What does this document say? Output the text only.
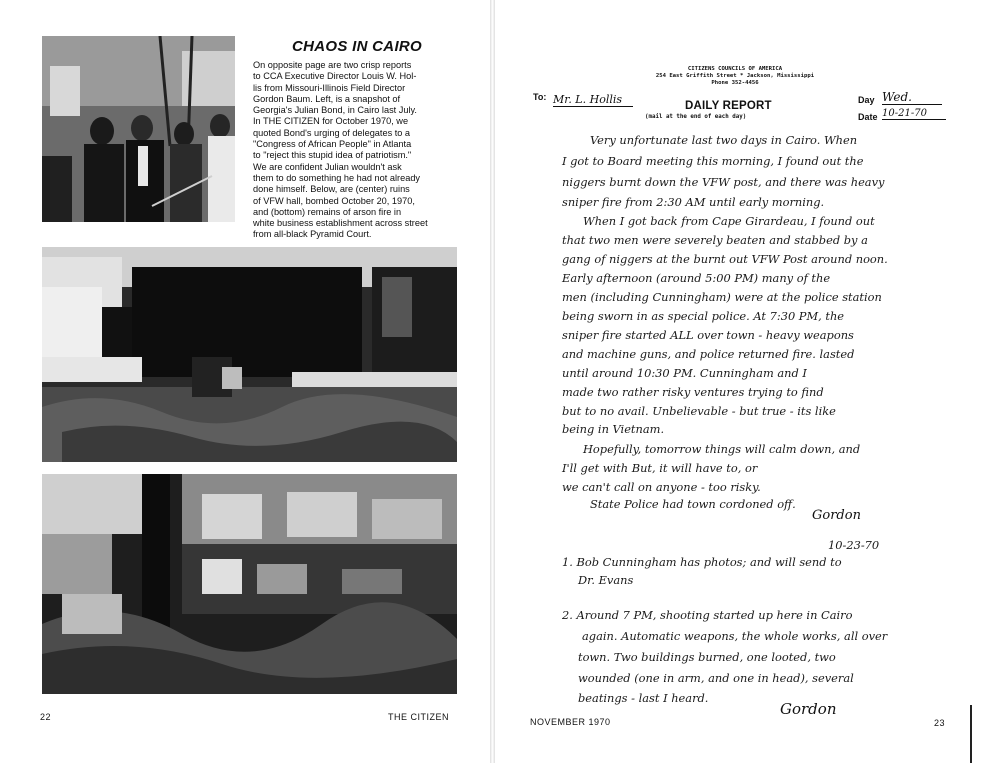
CHAOS IN CAIRO
On opposite page are two crisp reports
to CCA Executive Director Louis W. Hol-
lis from Missouri-Illinois Field Director
Gordon Baum. Left, is a snapshot of
Georgia's Julian Bond, in Cairo last July.
In THE CITIZEN for October 1970, we
quoted Bond's urging of delegates to a
"Congress of African People" in Atlanta
to "reject this stupid idea of patriotism."
We are confident Julian wouldn't ask
them to do something he had not already
done himself. Below, are (center) ruins
of VFW hall, bombed October 20, 1970,
and (bottom) remains of arson fire in
white business establishment across street
from all-black Pyramid Court.
22	THE CITIZEN
CITIZENS COUNCILS OF AMERICA
254 East Griffith Street * Jackson, Mississippi
Phone 352-4456
To: Mr. L. Hollis	DAILY REPORT
(mail at the end of each day)
Day Wed.
Date 10-21-70
Very unfortunate last two days in Cairo. When
I got to Board meeting this morning, I found out the
niggers burnt down the VFW post, and there was heavy
sniper fire from 2:30 AM until early morning.
When I got back from Cape Girardeau, I found out
that two men were severely beaten and stabbed by a
gang of niggers at the burnt out VFW Post around noon.
Early afternoon (around 5:00 PM) many of the
men (including Cunningham) were at the police station
being sworn in as special police. At 7:30 PM, the
sniper fire started ALL over town - heavy weapons
and machine guns, and police returned fire. lasted
until around 10:30 PM. Cunningham and I
made two rather risky ventures trying to find
but to no avail. Unbelievable - but true - its like
being in Vietnam.
Hopefully, tomorrow things will calm down, and
I'll get with But, it will have to, or
we can't call on anyone - too risky.
State Police had town cordoned off.
Gordon
10-23-70
1. Bob Cunningham has photos; and will send to
Dr. Evans
2. Around 7 PM, shooting started up here in Cairo
again. Automatic weapons, the whole works, all over
town. Two buildings burned, one looted, two
wounded (one in arm, and one in head), several
beatings - last I heard.
Gordon
NOVEMBER 1970	23
